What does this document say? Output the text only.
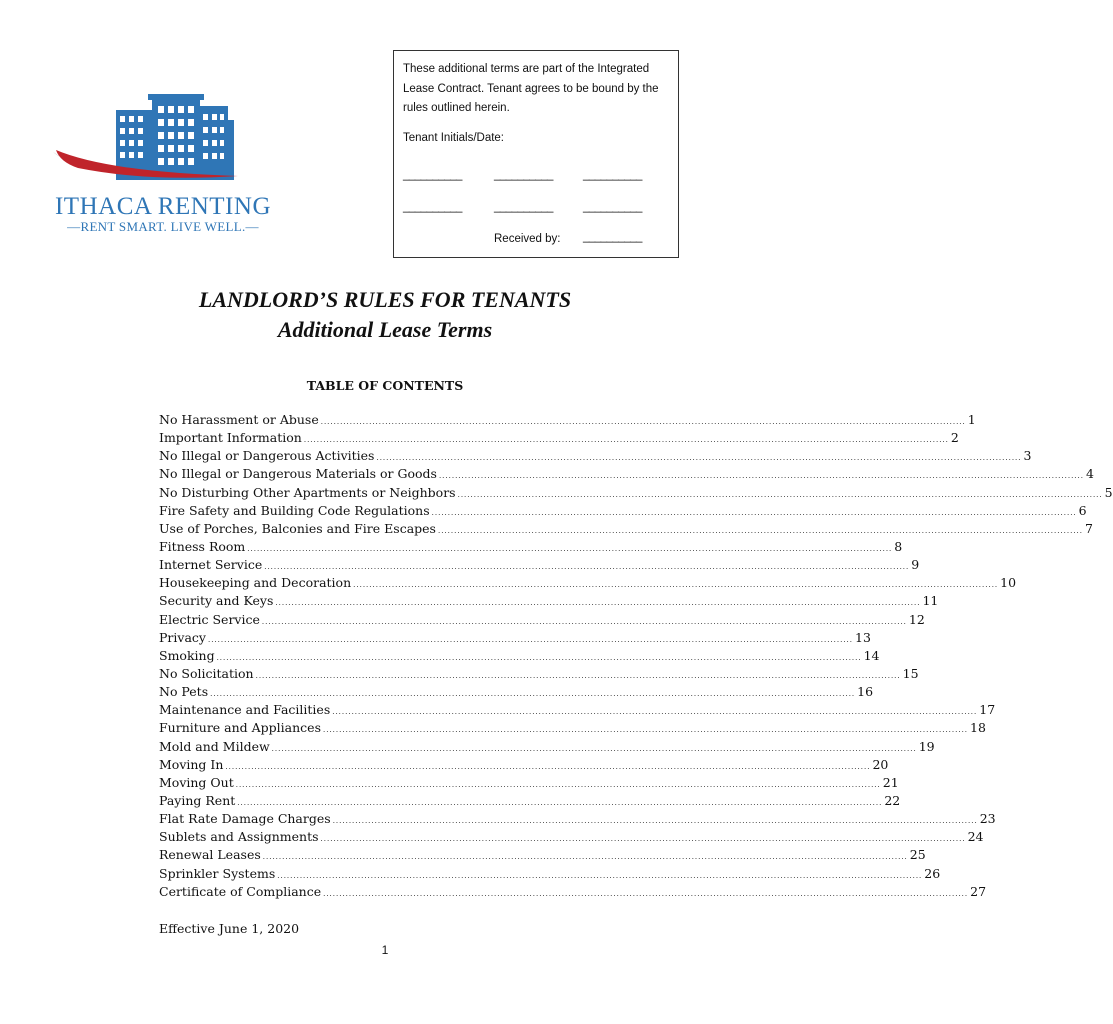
ITHACA RENTING
—RENT SMART. LIVE WELL.—
These additional terms are part of the Integrated Lease Contract. Tenant agrees to be bound by the rules outlined herein.
Tenant Initials/Date:
__________	__________	__________
__________	__________	__________
Received by: __________
LANDLORD’S RULES FOR TENANTS
Additional Lease Terms
TABLE OF CONTENTS
No Harassment or Abuse ........................................................................................................................................................................................................ 1
Important Information ........................................................................................................................................................................................................ 2
No Illegal or Dangerous Activities ........................................................................................................................................................................................................ 3
No Illegal or Dangerous Materials or Goods ........................................................................................................................................................................................................ 4
No Disturbing Other Apartments or Neighbors ........................................................................................................................................................................................................ 5
Fire Safety and Building Code Regulations ........................................................................................................................................................................................................ 6
Use of Porches, Balconies and Fire Escapes ........................................................................................................................................................................................................ 7
Fitness Room ........................................................................................................................................................................................................ 8
Internet Service ........................................................................................................................................................................................................ 9
Housekeeping and Decoration ........................................................................................................................................................................................................ 10
Security and Keys ........................................................................................................................................................................................................ 11
Electric Service ........................................................................................................................................................................................................ 12
Privacy ........................................................................................................................................................................................................ 13
Smoking ........................................................................................................................................................................................................ 14
No Solicitation ........................................................................................................................................................................................................ 15
No Pets ........................................................................................................................................................................................................ 16
Maintenance and Facilities ........................................................................................................................................................................................................ 17
Furniture and Appliances ........................................................................................................................................................................................................ 18
Mold and Mildew ........................................................................................................................................................................................................ 19
Moving In ........................................................................................................................................................................................................ 20
Moving Out ........................................................................................................................................................................................................ 21
Paying Rent ........................................................................................................................................................................................................ 22
Flat Rate Damage Charges ........................................................................................................................................................................................................ 23
Sublets and Assignments ........................................................................................................................................................................................................ 24
Renewal Leases ........................................................................................................................................................................................................ 25
Sprinkler Systems ........................................................................................................................................................................................................ 26
Certificate of Compliance ........................................................................................................................................................................................................ 27
Effective June 1, 2020
1
